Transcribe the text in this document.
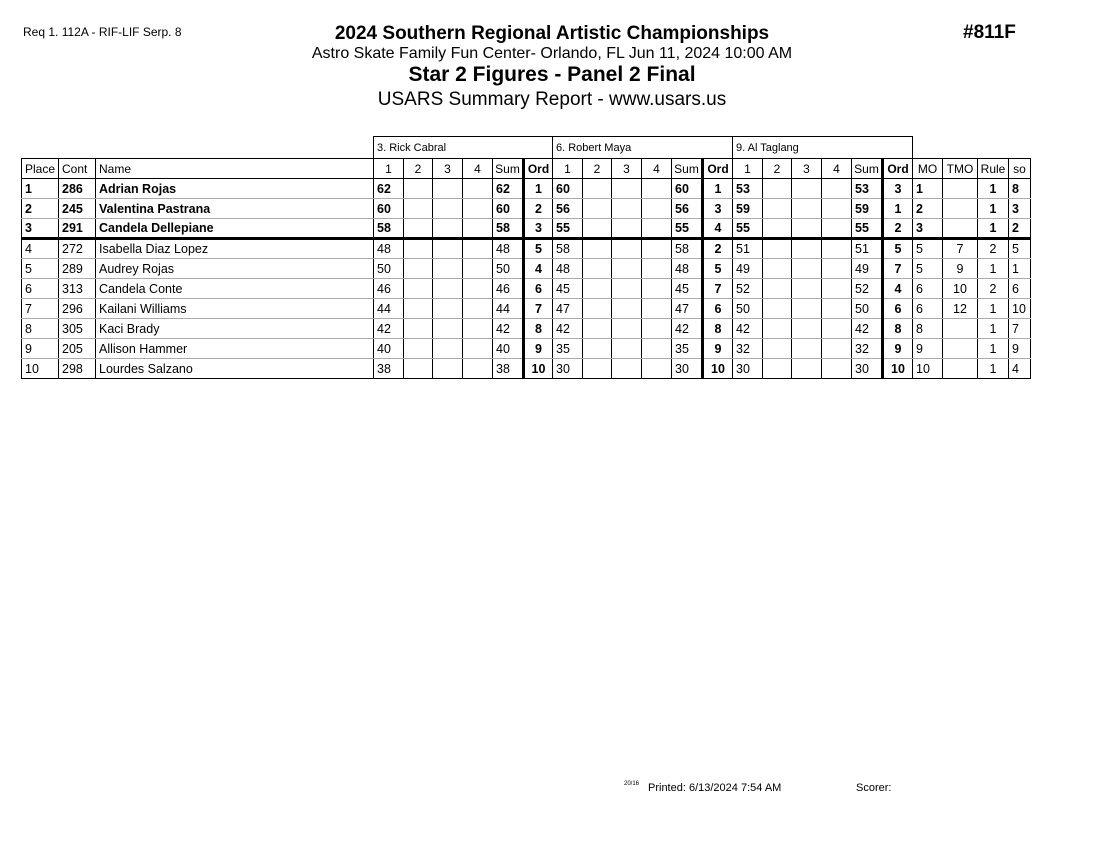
Req 1. 112A - RIF-LIF Serp. 8	#811F
2024 Southern Regional Artistic Championships
Astro Skate Family Fun Center- Orlando, FL Jun 11, 2024 10:00 AM
Star 2 Figures - Panel 2 Final
USARS Summary Report - www.usars.us
			3. Rick Cabral						6. Robert Maya						9. Al Taglang									
Place	Cont	Name	1	2	3	4	Sum	Ord	1	2	3	4	Sum	Ord	1	2	3	4	Sum	Ord	MO	TMO	Rule	so
1	286	Adrian Rojas	62				62	1	60				60	1	53				53	3	1		1	8
2	245	Valentina Pastrana	60				60	2	56				56	3	59				59	1	2		1	3
3	291	Candela Dellepiane	58				58	3	55				55	4	55				55	2	3		1	2
4	272	Isabella Diaz Lopez	48				48	5	58				58	2	51				51	5	5	7	2	5
5	289	Audrey Rojas	50				50	4	48				48	5	49				49	7	5	9	1	1
6	313	Candela Conte	46				46	6	45				45	7	52				52	4	6	10	2	6
7	296	Kailani Williams	44				44	7	47				47	6	50				50	6	6	12	1	10
8	305	Kaci Brady	42				42	8	42				42	8	42				42	8	8		1	7
9	205	Allison Hammer	40				40	9	35				35	9	32				32	9	9		1	9
10	298	Lourdes Salzano	38				38	10	30				30	10	30				30	10	10		1	4
20/16 Printed: 6/13/2024 7:54 AM	Scorer:
